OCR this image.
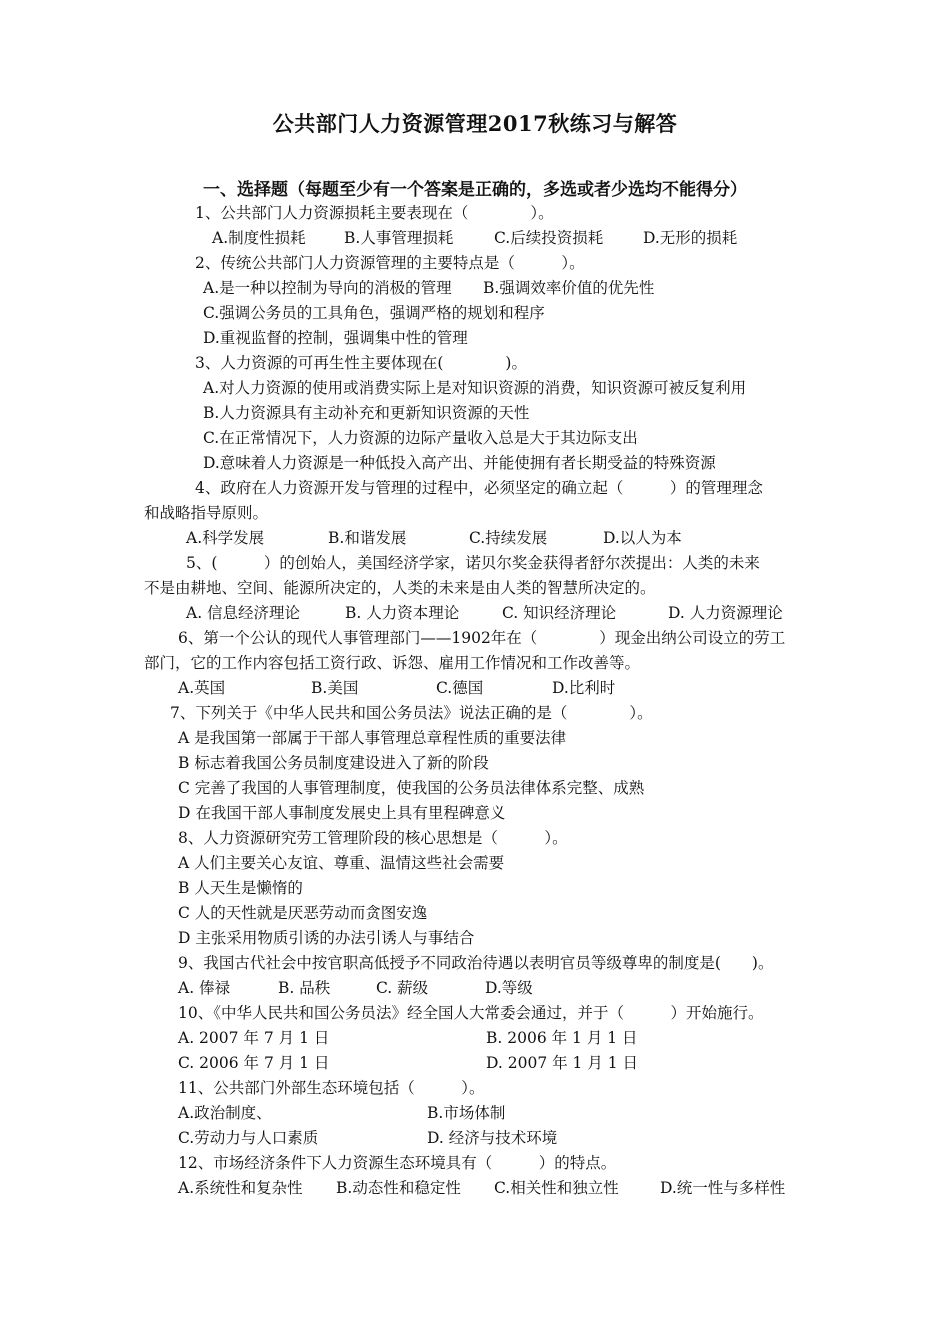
公共部门人力资源管理2017秋练习与解答
一、选择题（每题至少有一个答案是正确的，多选或者少选均不能得分）
1、公共部门人力资源损耗主要表现在（　　　　）。
A.制度性损耗 B.人事管理损耗	C.后续投资损耗	D.无形的损耗
2、传统公共部门人力资源管理的主要特点是（　　　）。
A.是一种以控制为导向的消极的管理 B.强调效率价值的优先性
C.强调公务员的工具角色，强调严格的规划和程序
D.重视监督的控制，强调集中性的管理
3、人力资源的可再生性主要体现在(　　　　)。
A.对人力资源的使用或消费实际上是对知识资源的消费，知识资源可被反复利用
B.人力资源具有主动补充和更新知识资源的天性
C.在正常情况下，人力资源的边际产量收入总是大于其边际支出
D.意味着人力资源是一种低投入高产出、并能使拥有者长期受益的特殊资源
4、政府在人力资源开发与管理的过程中，必须坚定的确立起（　　　）的管理理念
和战略指导原则。
A.科学发展	B.和谐发展	C.持续发展	D.以人为本
5、(　　　）的创始人，美国经济学家，诺贝尔奖金获得者舒尔茨提出：人类的未来
不是由耕地、空间、能源所决定的，人类的未来是由人类的智慧所决定的。
A. 信息经济理论	B. 人力资本理论	C. 知识经济理论	D. 人力资源理论
6、第一个公认的现代人事管理部门——1902年在（　　　　）现金出纳公司设立的劳工
部门，它的工作内容包括工资行政、诉怨、雇用工作情况和工作改善等。
A.英国	B.美国	C.德国	D.比利时
7、下列关于《中华人民共和国公务员法》说法正确的是（　　　　）。
A 是我国第一部属于干部人事管理总章程性质的重要法律
B 标志着我国公务员制度建设进入了新的阶段
C 完善了我国的人事管理制度，使我国的公务员法律体系完整、成熟
D 在我国干部人事制度发展史上具有里程碑意义
8、人力资源研究劳工管理阶段的核心思想是（　　　）。
A 人们主要关心友谊、尊重、温情这些社会需要
B 人天生是懒惰的
C 人的天性就是厌恶劳动而贪图安逸
D 主张采用物质引诱的办法引诱人与事结合
9、我国古代社会中按官职高低授予不同政治待遇以表明官员等级尊卑的制度是(　　)。
A. 俸禄	B. 品秩	C. 薪级	D.等级
10、《中华人民共和国公务员法》经全国人大常委会通过，并于（　　　）开始施行。
A. 2007 年 7 月 1 日	B. 2006 年 1 月 1 日
C. 2006 年 7 月 1 日	D. 2007 年 1 月 1 日
11、公共部门外部生态环境包括（　　　）。
A.政治制度、	B.市场体制
C.劳动力与人口素质	D. 经济与技术环境
12、市场经济条件下人力资源生态环境具有（　　　）的特点。
A.系统性和复杂性 B.动态性和稳定性 C.相关性和独立性	D.统一性与多样性
